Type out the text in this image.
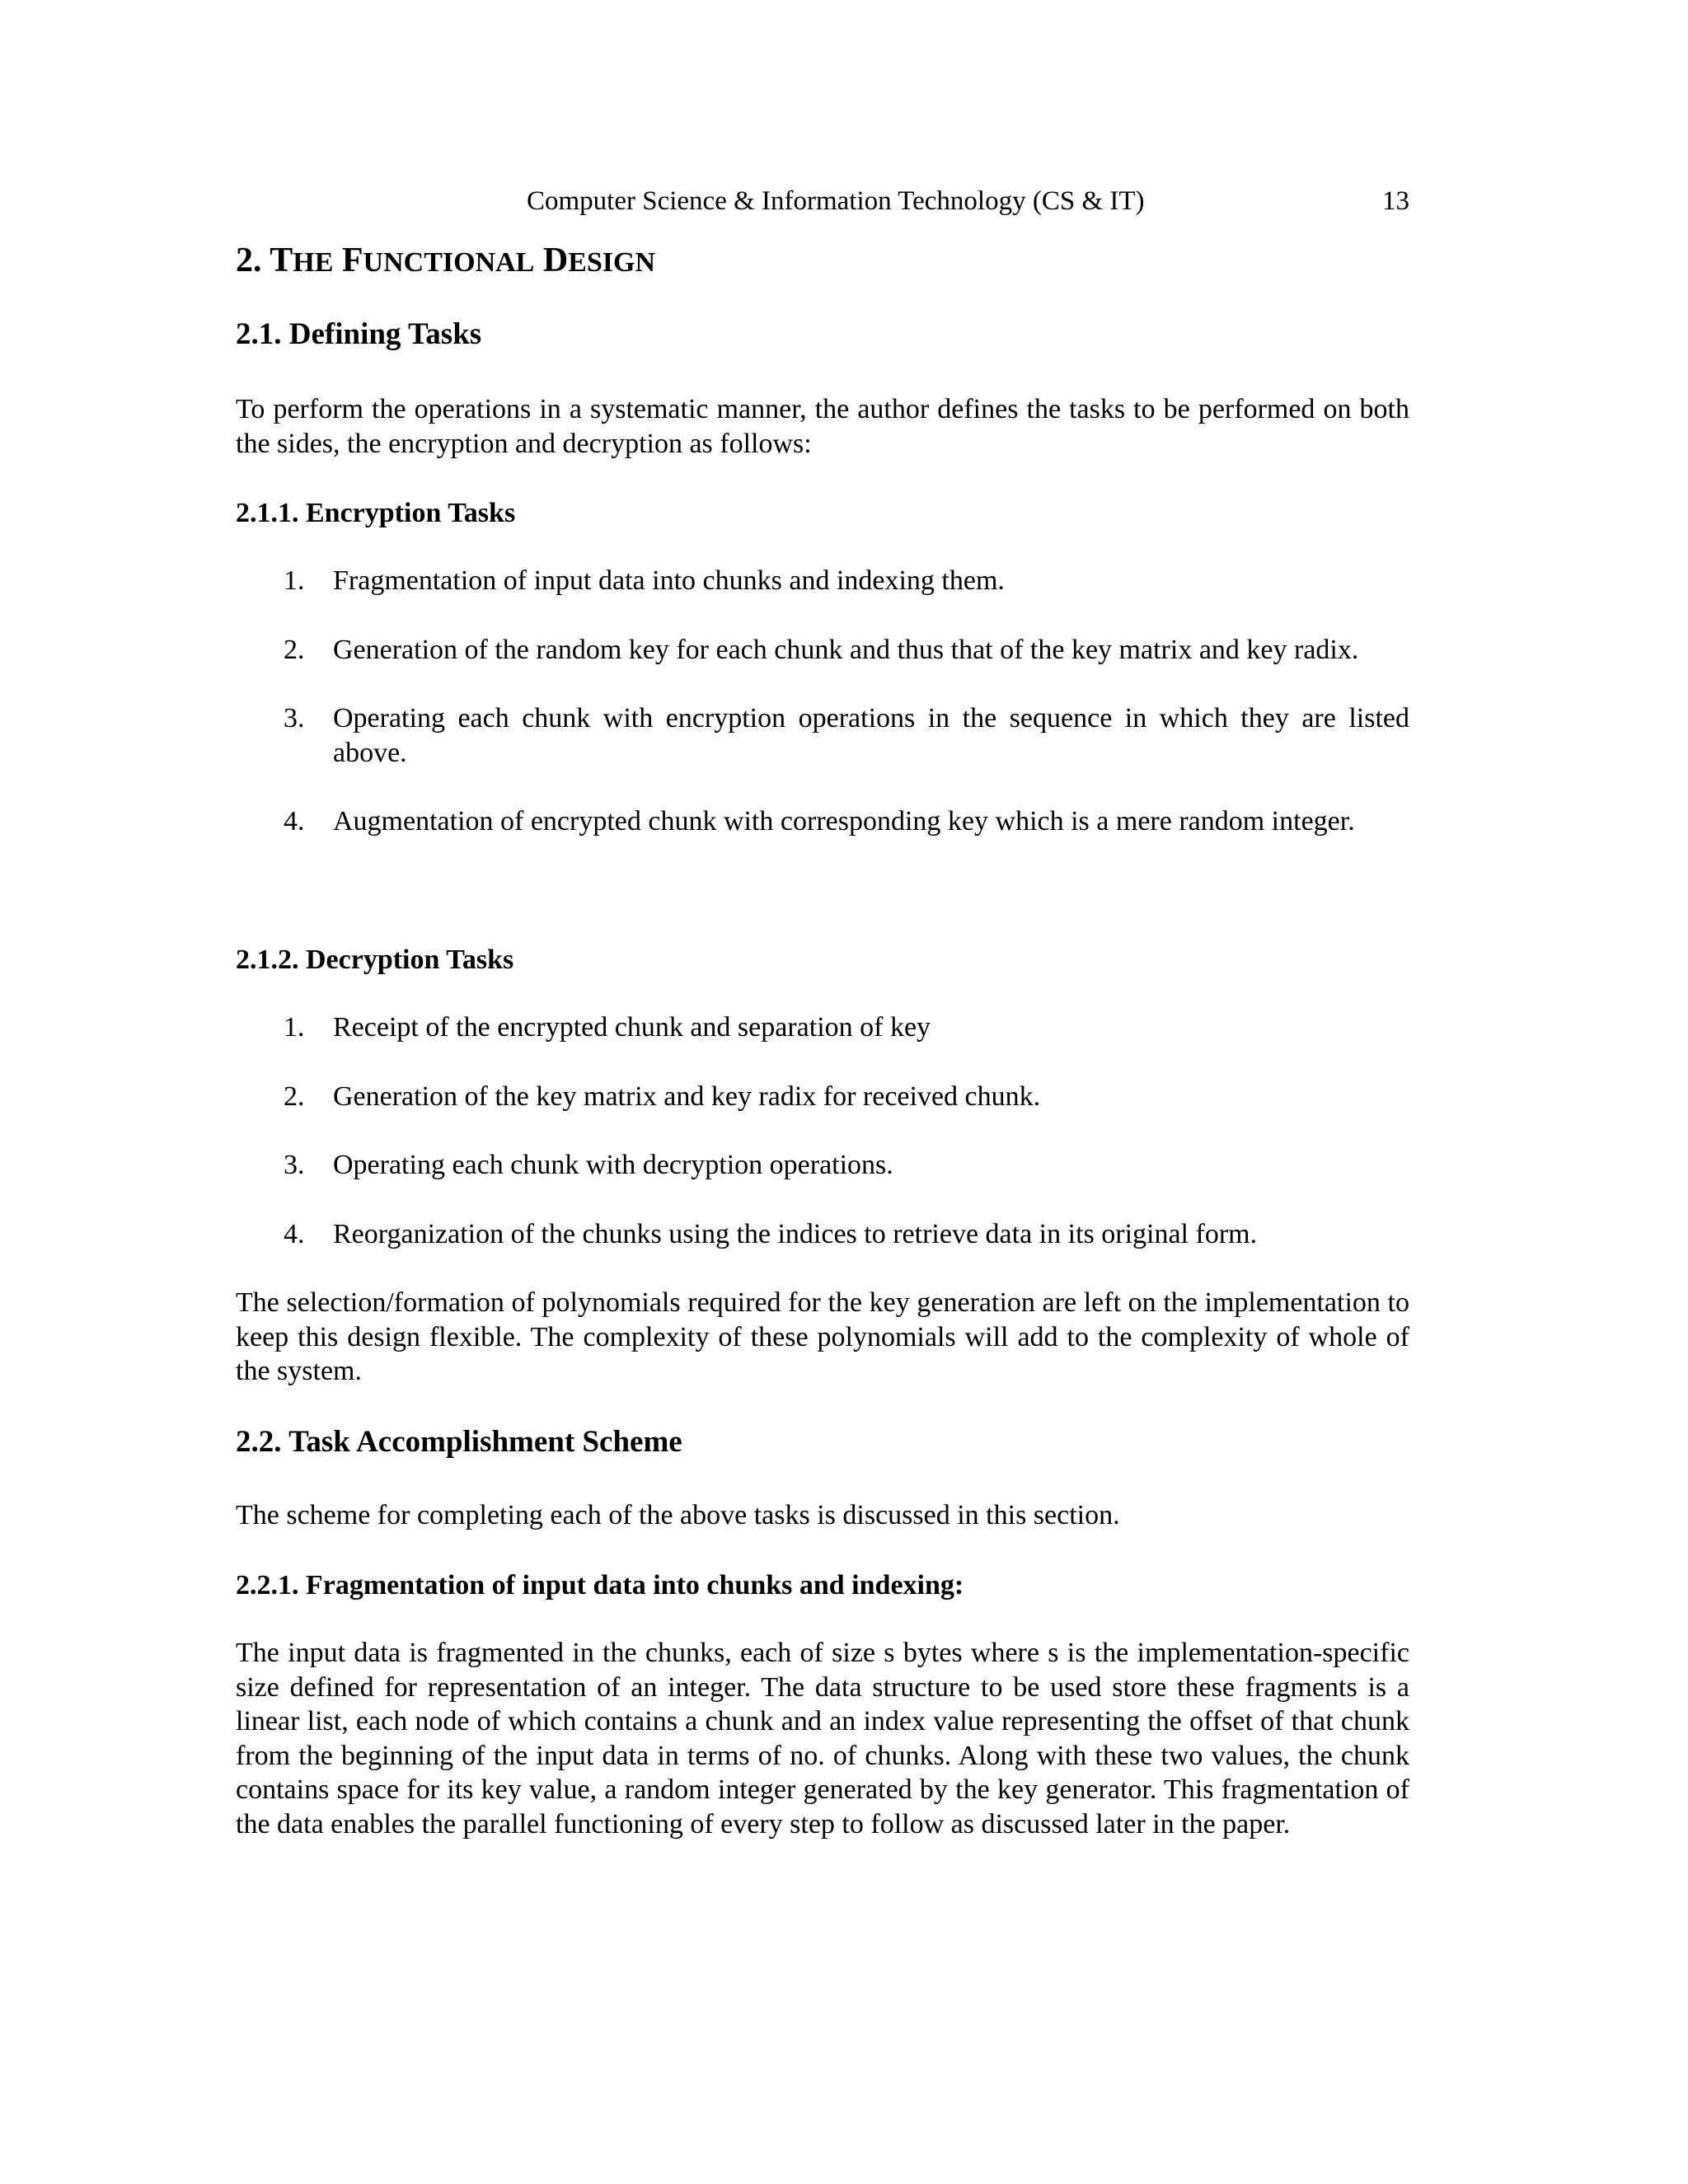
Computer Science & Information Technology (CS & IT)	13
2. THE FUNCTIONAL DESIGN
2.1. Defining Tasks

To perform the operations in a systematic manner, the author defines the tasks to be performed on both the sides, the encryption and decryption as follows:

2.1.1. Encryption Tasks
1. Fragmentation of input data into chunks and indexing them.
2. Generation of the random key for each chunk and thus that of the key matrix and key radix.
3. Operating each chunk with encryption operations in the sequence in which they are listed above.
4. Augmentation of encrypted chunk with corresponding key which is a mere random integer.
2.1.2. Decryption Tasks
1. Receipt of the encrypted chunk and separation of key
2. Generation of the key matrix and key radix for received chunk.
3. Operating each chunk with decryption operations.
4. Reorganization of the chunks using the indices to retrieve data in its original form.

The selection/formation of polynomials required for the key generation are left on the implementation to keep this design flexible. The complexity of these polynomials will add to the complexity of whole of the system.

2.2. Task Accomplishment Scheme

The scheme for completing each of the above tasks is discussed in this section.

2.2.1. Fragmentation of input data into chunks and indexing:

The input data is fragmented in the chunks, each of size s bytes where s is the implementation-specific size defined for representation of an integer. The data structure to be used store these fragments is a linear list, each node of which contains a chunk and an index value representing the offset of that chunk from the beginning of the input data in terms of no. of chunks. Along with these two values, the chunk contains space for its key value, a random integer generated by the key generator. This fragmentation of the data enables the parallel functioning of every step to follow as discussed later in the paper.
